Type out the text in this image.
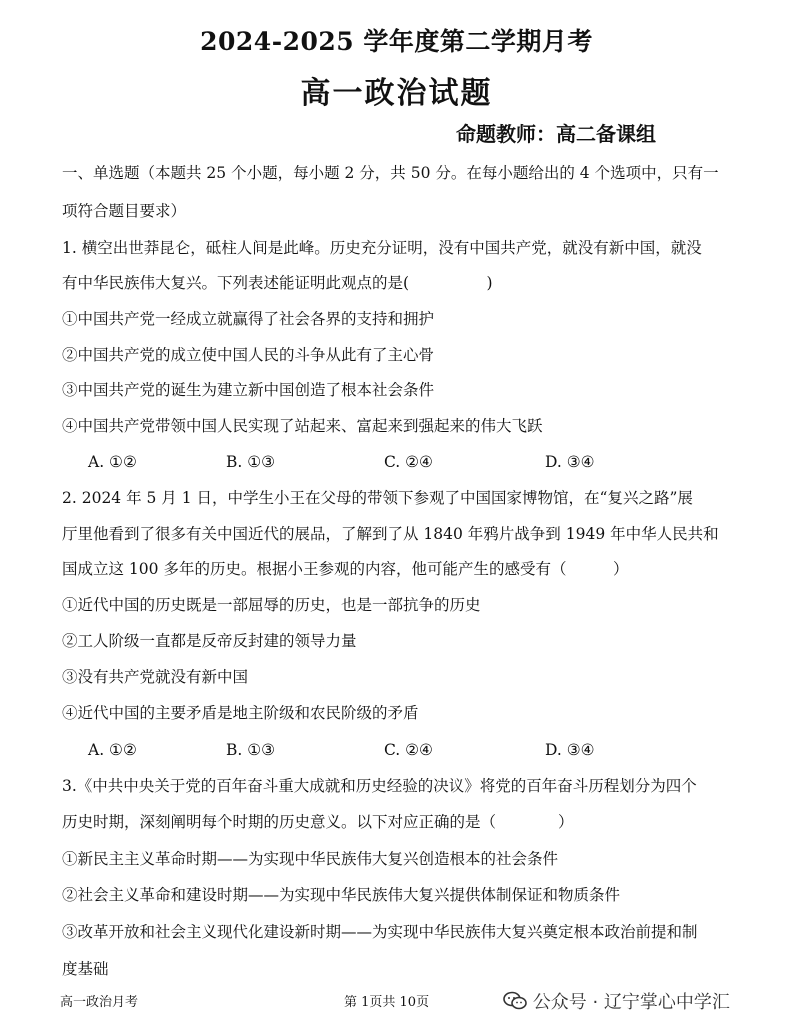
2024-2025 学年度第二学期月考
高一政治试题
命题教师：高二备课组
一、单选题（本题共 25 个小题，每小题 2 分，共 50 分。在每小题给出的 4 个选项中，只有一
项符合题目要求）
1. 横空出世莽昆仑，砥柱人间是此峰。历史充分证明，没有中国共产党，就没有新中国，就没
有中华民族伟大复兴。下列表述能证明此观点的是(　　　　　)
①中国共产党一经成立就赢得了社会各界的支持和拥护
②中国共产党的成立使中国人民的斗争从此有了主心骨
③中国共产党的诞生为建立新中国创造了根本社会条件
④中国共产党带领中国人民实现了站起来、富起来到强起来的伟大飞跃
A. ①②	B. ①③	C. ②④	D. ③④
2. 2024 年 5 月 1 日，中学生小王在父母的带领下参观了中国国家博物馆，在“复兴之路”展
厅里他看到了很多有关中国近代的展品，了解到了从 1840 年鸦片战争到 1949 年中华人民共和
国成立这 100 多年的历史。根据小王参观的内容，他可能产生的感受有（　　　）
①近代中国的历史既是一部屈辱的历史，也是一部抗争的历史
②工人阶级一直都是反帝反封建的领导力量
③没有共产党就没有新中国
④近代中国的主要矛盾是地主阶级和农民阶级的矛盾
A. ①②	B. ①③	C. ②④	D. ③④
3.《中共中央关于党的百年奋斗重大成就和历史经验的决议》将党的百年奋斗历程划分为四个
历史时期，深刻阐明每个时期的历史意义。以下对应正确的是（　　　　）
①新民主主义革命时期——为实现中华民族伟大复兴创造根本的社会条件
②社会主义革命和建设时期——为实现中华民族伟大复兴提供体制保证和物质条件
③改革开放和社会主义现代化建设新时期——为实现中华民族伟大复兴奠定根本政治前提和制
度基础
高一政治月考	第 1页共 10页	公众号 · 辽宁掌心中学汇
